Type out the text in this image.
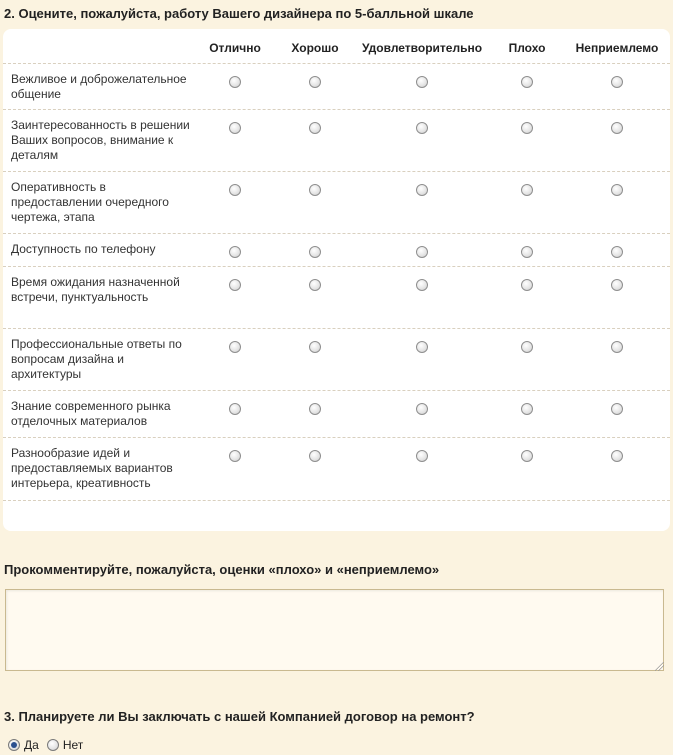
2. Оцените, пожалуйста, работу Вашего дизайнера по 5-балльной шкале
Отлично	Хорошо Удовлетворительно Плохо	Неприемлемо
Вежливое и доброжелательное общение
Заинтересованность в решении Ваших вопросов, внимание к деталям
Оперативность в предоставлении очередного чертежа, этапа
Доступность по телефону
Время ожидания назначенной встречи, пунктуальность
Профессиональные ответы по вопросам дизайна и архитектуры
Знание современного рынка отделочных материалов
Разнообразие идей и предоставляемых вариантов интерьера, креативность
Прокомментируйте, пожалуйста, оценки «плохо» и «неприемлемо»
3. Планируете ли Вы заключать с нашей Компанией договор на ремонт?
Да Нет
